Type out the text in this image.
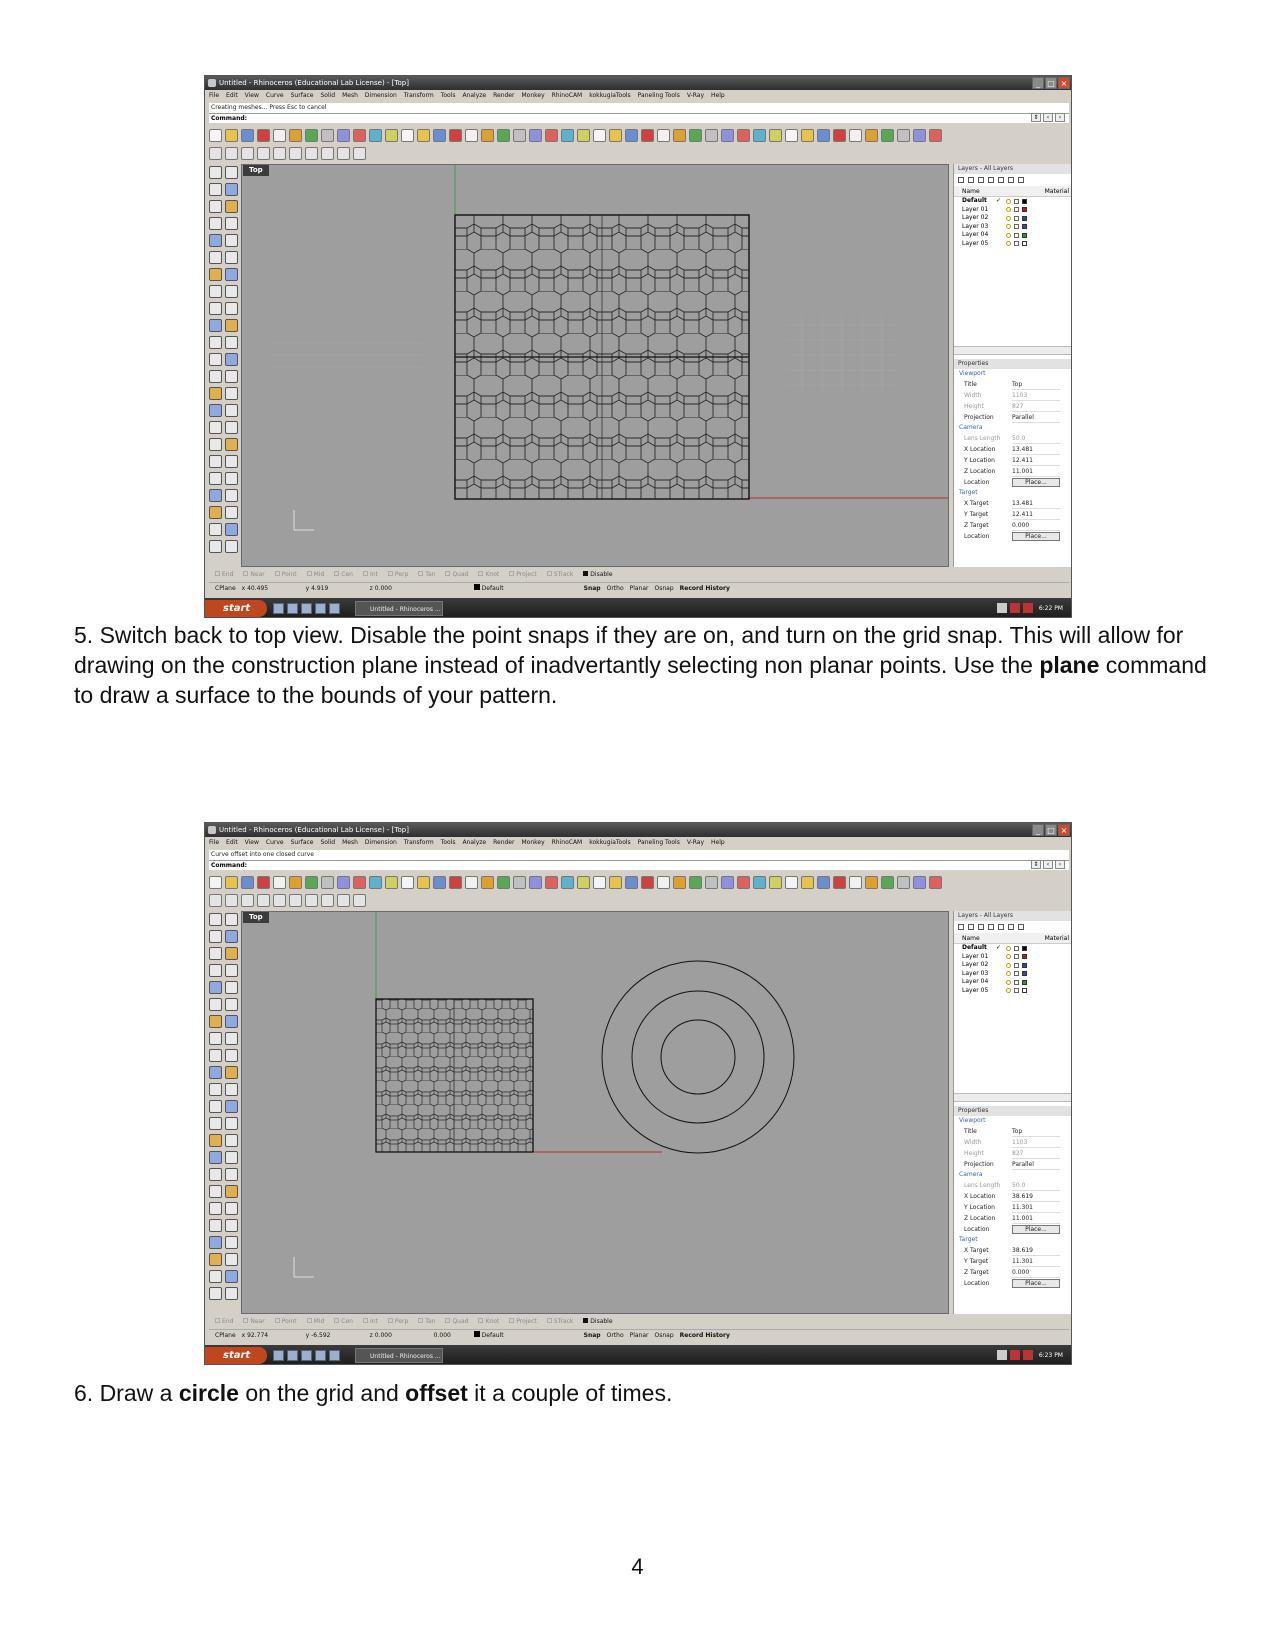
Untitled - Rhinoceros (Educational Lab License) - [Top]	_ □ ×
File Edit View Curve Surface Solid Mesh Dimension Transform Tools Analyze Render Monkey RhinoCAM kokkugiaTools Paneling Tools V-Ray Help
Creating meshes... Press Esc to cancel
Command:	⇕	‹	›
Top	Layers - All Layers
Name	Material
Default	✓
Layer 01
Layer 02
Layer 03
Layer 04
Layer 05
Properties
Viewport
Title	Top
Width	1103
Height	827
Projection	Parallel
Camera
Lens Length	50.0
X Location	13.481
Y Location	12.411
Z Location	11.001
Location	Place...
Target
X Target	13.481
Y Target	12.411
Z Target	0.000
Location	Place...
End	Near	Point	Mid	Cen	Int	Perp	Tan	Quad	Knot	Project	STrack	Disable
CPlane	x 40.495	y 4.919	z 0.000	Default	Snap	Ortho	Planar	Osnap	Record History
start	Untitled - Rhinoceros ...	6:22 PM
5. Switch back to top view. Disable the point snaps if they are on, and turn on the grid snap. This will allow for drawing on the construction plane instead of inadvertantly selecting non planar points. Use the plane command to draw a surface to the bounds of your pattern.
Untitled - Rhinoceros (Educational Lab License) - [Top]	_ □ ×
File Edit View Curve Surface Solid Mesh Dimension Transform Tools Analyze Render Monkey RhinoCAM kokkugiaTools Paneling Tools V-Ray Help
Curve offset into one closed curve
Command:	⇕	‹	›
Top	Layers - All Layers
Name	Material
Default	✓
Layer 01
Layer 02
Layer 03
Layer 04
Layer 05
Properties
Viewport
Title	Top
Width	1103
Height	827
Projection	Parallel
Camera
Lens Length	50.0
X Location	38.619
Y Location	11.301
Z Location	11.001
Location	Place...
Target
X Target	38.619
Y Target	11.301
Z Target	0.000
Location	Place...
End	Near	Point	Mid	Cen	Int	Perp	Tan	Quad	Knot	Project	STrack	Disable
CPlane	x 92.774	y -6.592	z 0.000	0.000	Default	Snap	Ortho	Planar	Osnap	Record History
start	Untitled - Rhinoceros ...	6:23 PM
6. Draw a circle on the grid and offset it a couple of times.
4
